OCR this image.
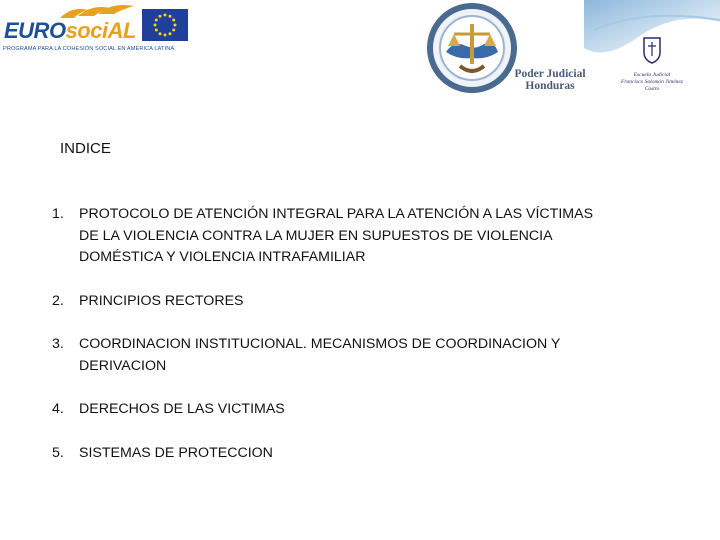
EUROsociAL
PROGRAMA PARA LA COHESIÓN SOCIAL EN AMÉRICA LATINA
Poder Judicial
Honduras
Escuela Judicial
Francisco Salomón Jiménez Castro
INDICE
1. PROTOCOLO DE ATENCIÓN INTEGRAL PARA LA ATENCIÓN A LAS VÍCTIMAS DE LA VIOLENCIA CONTRA LA MUJER EN SUPUESTOS DE VIOLENCIA DOMÉSTICA Y VIOLENCIA INTRAFAMILIAR
2. PRINCIPIOS RECTORES
3. COORDINACION INSTITUCIONAL. MECANISMOS DE COORDINACION Y DERIVACION
4. DERECHOS DE LAS VICTIMAS
5. SISTEMAS DE PROTECCION
